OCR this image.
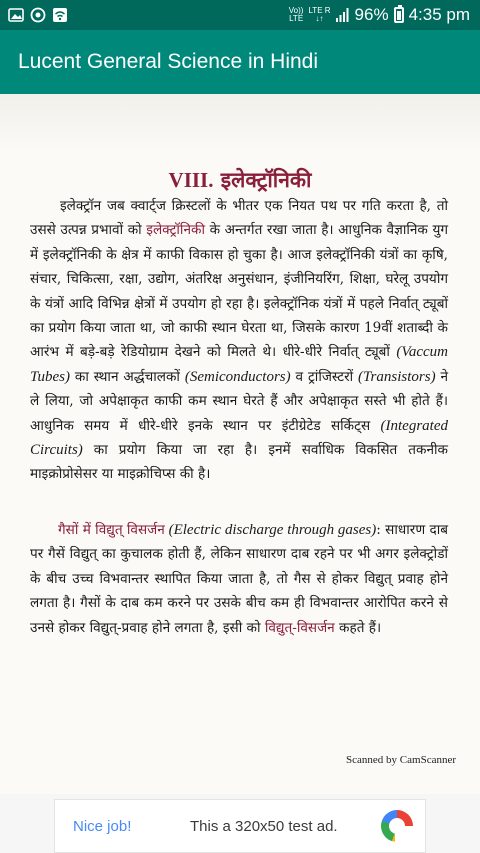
Vo))
LTE
LTE R
↓↑	96% 4:35 pm
Lucent General Science in Hindi
VIII. इलेक्ट्रॉनिकी
इलेक्ट्रॉन जब क्वार्ट्ज क्रिस्टलों के भीतर एक नियत पथ पर गति करता है, तो उससे उत्पन्न प्रभावों को इलेक्ट्रॉनिकी के अन्तर्गत रखा जाता है। आधुनिक वैज्ञानिक युग में इलेक्ट्रॉनिकी के क्षेत्र में काफी विकास हो चुका है। आज इलेक्ट्रॉनिकी यंत्रों का कृषि, संचार, चिकित्सा, रक्षा, उद्योग, अंतरिक्ष अनुसंधान, इंजीनियरिंग, शिक्षा, घरेलू उपयोग के यंत्रों आदि विभिन्न क्षेत्रों में उपयोग हो रहा है। इलेक्ट्रॉनिक यंत्रों में पहले निर्वात् ट्यूबों का प्रयोग किया जाता था, जो काफी स्थान घेरता था, जिसके कारण 19वीं शताब्दी के आरंभ में बड़े-बड़े रेडियोग्राम देखने को मिलते थे। धीरे-धीरे निर्वात् ट्यूबों (Vaccum Tubes) का स्थान अर्द्धचालकों (Semiconductors) व ट्रांजिस्टरों (Transistors) ने ले लिया, जो अपेक्षाकृत काफी कम स्थान घेरते हैं और अपेक्षाकृत सस्ते भी होते हैं। आधुनिक समय में धीरे-धीरे इनके स्थान पर इंटीग्रेटेड सर्किट्स (Integrated Circuits) का प्रयोग किया जा रहा है। इनमें सर्वाधिक विकसित तकनीक माइक्रोप्रोसेसर या माइक्रोचिप्स की है।
गैसों में विद्युत् विसर्जन (Electric discharge through gases): साधारण दाब पर गैसें विद्युत् का कुचालक होती हैं, लेकिन साधारण दाब रहने पर भी अगर इलेक्ट्रोडों के बीच उच्च विभवान्तर स्थापित किया जाता है, तो गैस से होकर विद्युत् प्रवाह होने लगता है। गैसों के दाब कम करने पर उसके बीच कम ही विभवान्तर आरोपित करने से उनसे होकर विद्युत्-प्रवाह होने लगता है, इसी को विद्युत्-विसर्जन कहते हैं।
Scanned by CamScanner
Nice job!	This a 320x50 test ad.
